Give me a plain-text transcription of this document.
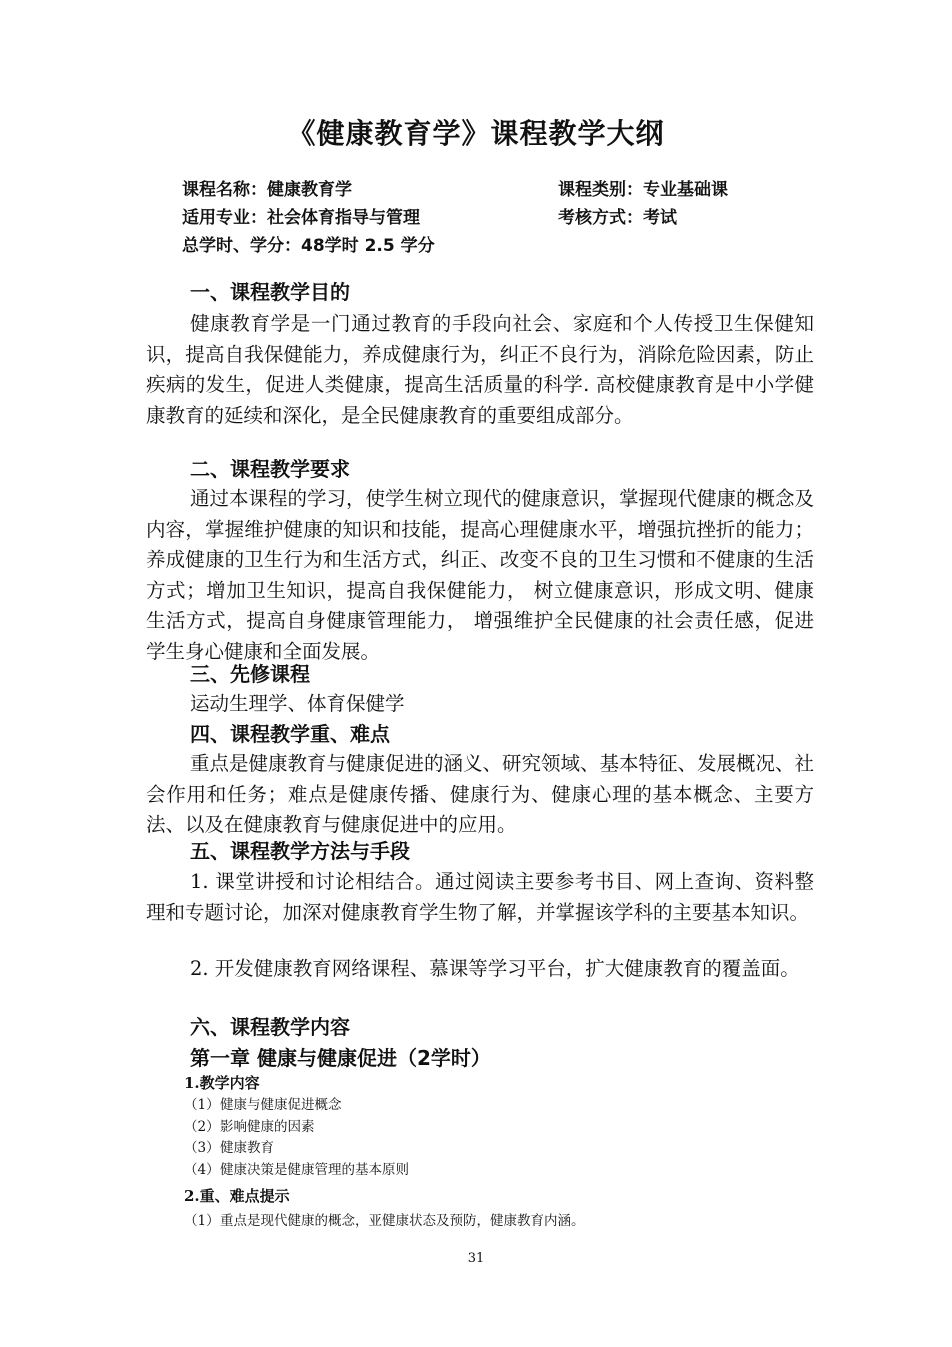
《健康教育学》课程教学大纲
课程名称：健康教育学
适用专业：社会体育指导与管理
总学时、学分：48学时 2.5 学分
课程类别：专业基础课
考核方式：考试
一、课程教学目的

健康教育学是一门通过教育的手段向社会、家庭和个人传授卫生保健知识，提高自我保健能力，养成健康行为，纠正不良行为，消除危险因素，防止疾病的发生，促进人类健康，提高生活质量的科学. 高校健康教育是中小学健康教育的延续和深化，是全民健康教育的重要组成部分。

二、课程教学要求

通过本课程的学习，使学生树立现代的健康意识，掌握现代健康的概念及内容，掌握维护健康的知识和技能，提高心理健康水平，增强抗挫折的能力；养成健康的卫生行为和生活方式，纠正、改变不良的卫生习惯和不健康的生活方式；增加卫生知识，提高自我保健能力， 树立健康意识，形成文明、健康生活方式，提高自身健康管理能力， 增强维护全民健康的社会责任感，促进学生身心健康和全面发展。

三、先修课程

运动生理学、体育保健学

四、课程教学重、难点

重点是健康教育与健康促进的涵义、研究领域、基本特征、发展概况、社会作用和任务；难点是健康传播、健康行为、健康心理的基本概念、主要方法、以及在健康教育与健康促进中的应用。

五、课程教学方法与手段

1. 课堂讲授和讨论相结合。通过阅读主要参考书目、网上查询、资料整理和专题讨论，加深对健康教育学生物了解，并掌握该学科的主要基本知识。

2. 开发健康教育网络课程、慕课等学习平台，扩大健康教育的覆盖面。

六、课程教学内容
第一章 健康与健康促进（2学时）
1.教学内容
（1）健康与健康促进概念
（2）影响健康的因素
（3）健康教育
（4）健康决策是健康管理的基本原则
2.重、难点提示
（1）重点是现代健康的概念，亚健康状态及预防，健康教育内涵。
31
